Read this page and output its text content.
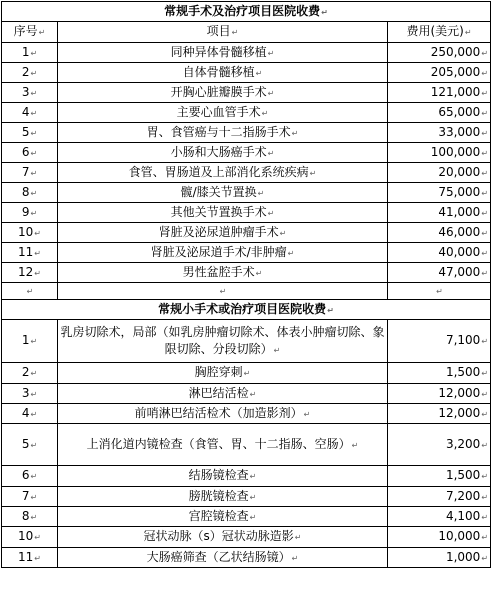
常规手术及治疗项目医院收费↵		
序号↵	项目↵	费用(美元)↵
1↵	同种异体骨髓移植↵	250,000↵
2↵	自体骨髓移植↵	205,000↵
3↵	开胸心脏瓣膜手术↵	121,000↵
4↵	主要心血管手术↵	65,000↵
5↵	胃、食管癌与十二指肠手术↵	33,000↵
6↵	小肠和大肠癌手术↵	100,000↵
7↵	食管、胃肠道及上部消化系统疾病↵	20,000↵
8↵	髋/膝关节置换↵	75,000↵
9↵	其他关节置换手术↵	41,000↵
10↵	肾脏及泌尿道肿瘤手术↵	46,000↵
11↵	肾脏及泌尿道手术/非肿瘤↵	40,000↵
12↵	男性盆腔手术↵	47,000↵
↵	↵	↵
常规小手术或治疗项目医院收费↵		
1↵	乳房切除术，局部（如乳房肿瘤切除术、体表小肿瘤切除、象限切除、分段切除）↵	7,100↵
2↵	胸腔穿刺↵	1,500↵
3↵	淋巴结活检↵	12,000↵
4↵	前哨淋巴结活检术（加造影剂）↵	12,000↵
5↵	上消化道内镜检查（食管、胃、十二指肠、空肠）↵	3,200↵
6↵	结肠镜检查↵	1,500↵
7↵	膀胱镜检查↵	7,200↵
8↵	宫腔镜检查↵	4,100↵
10↵	冠状动脉（s）冠状动脉造影↵	10,000↵
11↵	大肠癌筛查（乙状结肠镜）↵	1,000↵
